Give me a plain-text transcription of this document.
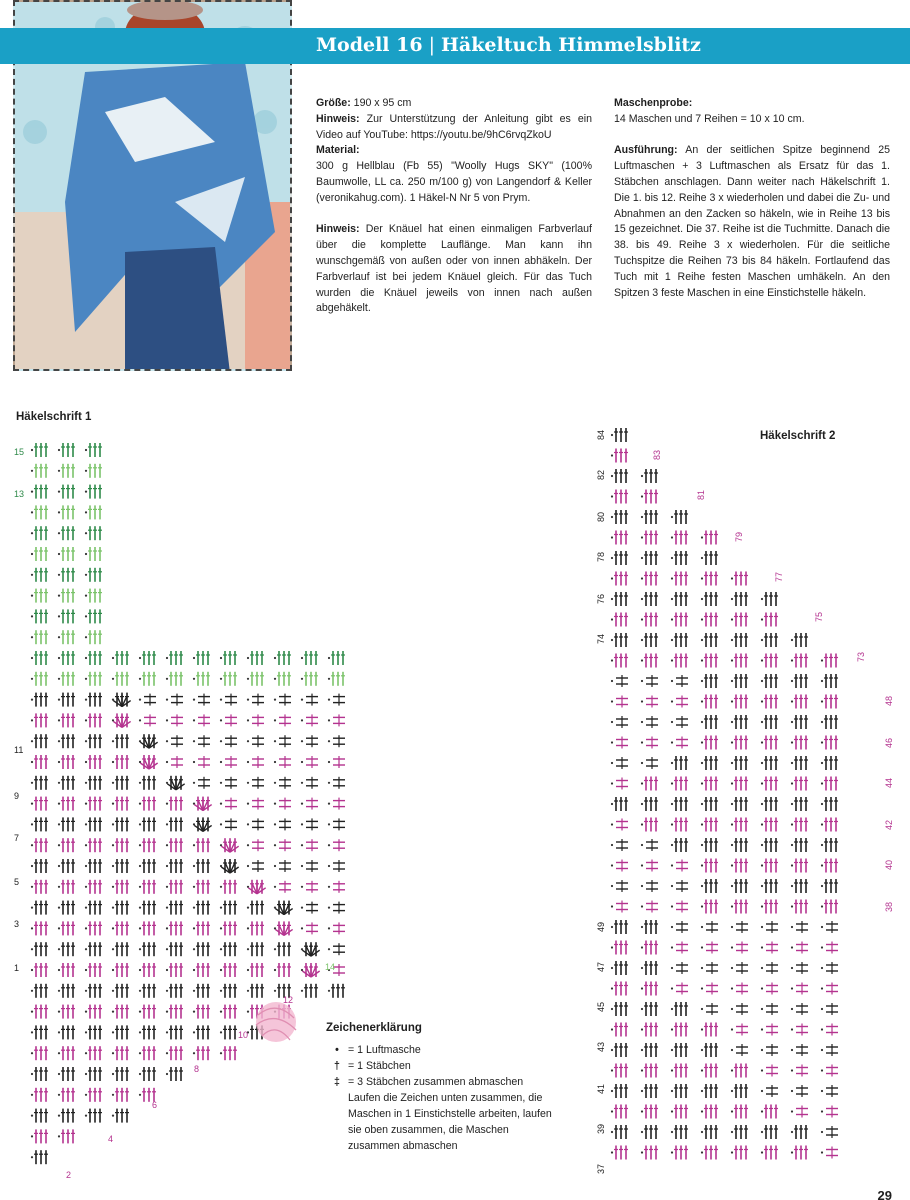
Modell 16 | Häkeltuch Himmelsblitz

Größe: 190 x 95 cm

Hinweis: Zur Unterstützung der Anleitung gibt es ein Video auf YouTube: https://youtu.be/9hC6rvqZkoU

Material:

300 g Hellblau (Fb 55) "Woolly Hugs SKY" (100% Baumwolle, LL ca. 250 m/100 g) von Langendorf & Keller (veronikahug.com). 1 Häkel-N Nr 5 von Prym.

Hinweis: Der Knäuel hat einen einmaligen Farbverlauf über die komplette Lauflänge. Man kann ihn wunschgemäß von außen oder von innen abhäkeln. Der Farbverlauf ist bei jedem Knäuel gleich. Für das Tuch wurden die Knäuel jeweils von innen nach außen abgehäkelt.

Maschenprobe:

14 Maschen und 7 Reihen = 10 x 10 cm.

Ausführung: An der seitlichen Spitze beginnend 25 Luftmaschen + 3 Luftmaschen als Ersatz für das 1. Stäbchen anschlagen. Dann weiter nach Häkelschrift 1. Die 1. bis 12. Reihe 3 x wiederholen und dabei die Zu- und Abnahmen an den Zacken so häkeln, wie in Reihe 13 bis 15 gezeichnet. Die 37. Reihe ist die Tuchmitte. Danach die 38. bis 49. Reihe 3 x wiederholen. Für die seitliche Tuchspitze die Reihen 73 bis 84 häkeln. Fortlaufend das Tuch mit 1 Reihe festen Maschen umhäkeln. An den Spitzen 3 feste Maschen in eine Einstichstelle häkeln.

Häkelschrift 1
Häkelschrift 2
15
13
11
9
7
5
3
1	14
12
10
8
6
4
2
84
82
80
78
76
74
49
47
45
43
41
39
37
83
81
79
77
75
73
48
46
44
42
40
38
Zeichenerklärung
• = 1 Luftmasche
† = 1 Stäbchen
‡ = 3 Stäbchen zusammen abmaschen Laufen die Zeichen unten zusammen, die Maschen in 1 Einstichstelle arbeiten, laufen sie oben zusammen, die Maschen zusammen abmaschen
29
